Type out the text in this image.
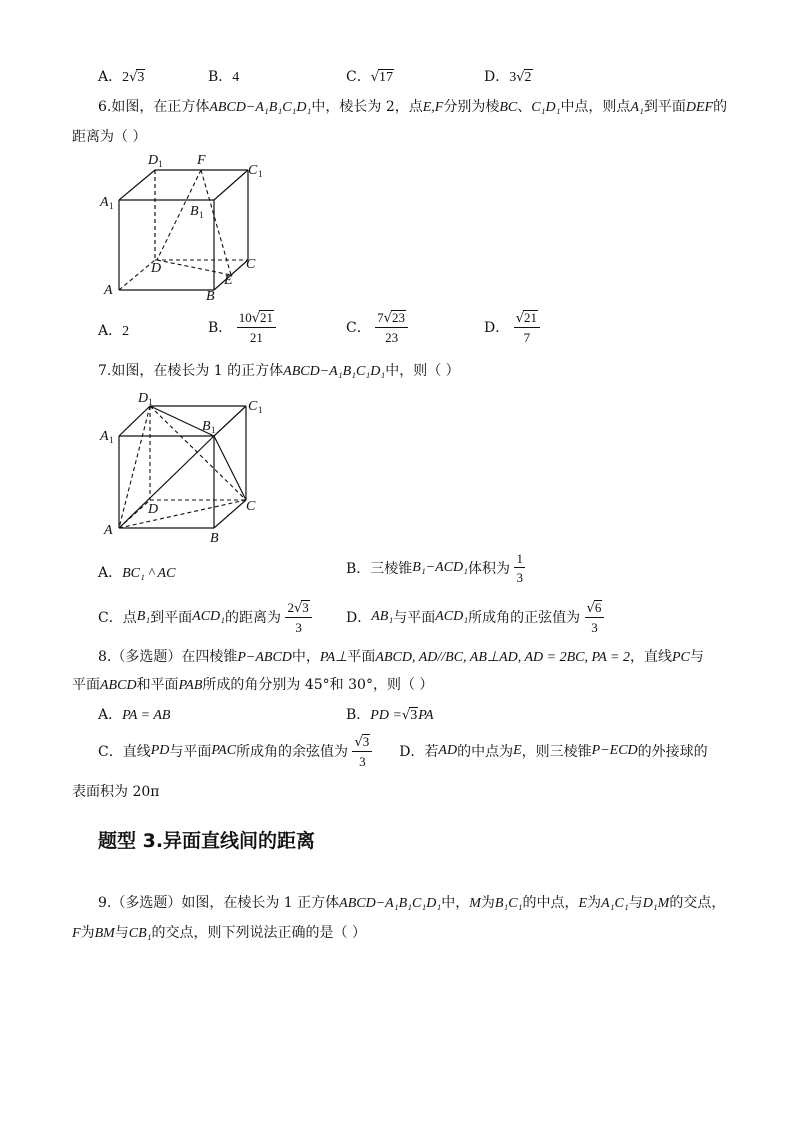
A．2√3	B．4	C．√17	D．3√2
6.如图，在正方体ABCD−A₁B₁C₁D₁中，棱长为 2，点E,F分别为棱BC、C₁D₁中点，则点A₁到平面DEF的
距离为（ ）
D 1 F
C 1
A 1	B 1
D	C
E
A	B
A．2	B． $\frac{10√21}{21}$	C． $\frac{7√23}{23}$	D． $\frac{√21}{7}$
7.如图，在棱长为 1 的正方体ABCD−A₁B₁C₁D₁中，则（ ）
D 1	C 1
A 1
B 1
D	C
A
B
A．BC₁ ^ AC	B．三棱锥B₁−ACD₁体积为 $\frac{1}{3}$
C．点B₁到平面ACD₁的距离为 $\frac{2√3}{3}$ D．AB₁与平面ACD₁所成角的正弦值为 $\frac{√6}{3}$
8.（多选题）在四棱锥P−ABCD中，PA⊥平面ABCD, AD//BC, AB⊥AD, AD = 2BC, PA = 2，直线PC与
平面ABCD和平面PAB所成的角分别为 45°和 30°，则（ ）
A．PA = AB	B．PD =√3PA
C．直线PD与平面PAC所成角的余弦值为 $\frac{√3}{3}$ D．若AD的中点为E，则三棱锥P−ECD的外接球的
表面积为 20π
题型 3.异面直线间的距离
9.（多选题）如图，在棱长为 1 正方体ABCD−A₁B₁C₁D₁中，M为B₁C₁的中点，E为A₁C₁与D₁M的交点，
F为BM与CB₁的交点，则下列说法正确的是（ ）
